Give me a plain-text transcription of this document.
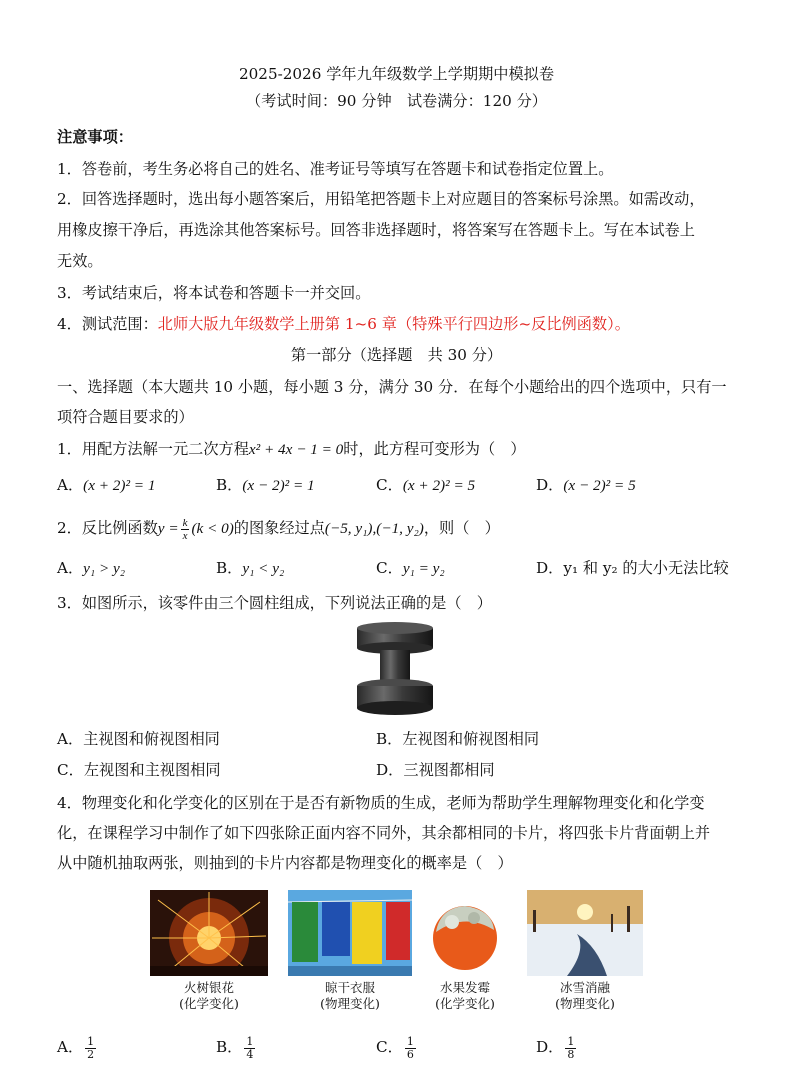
2025-2026 学年九年级数学上学期期中模拟卷
（考试时间：90 分钟　试卷满分：120 分）
注意事项：
1．答卷前，考生务必将自己的姓名、准考证号等填写在答题卡和试卷指定位置上。
2．回答选择题时，选出每小题答案后，用铅笔把答题卡上对应题目的答案标号涂黑。如需改动，
用橡皮擦干净后，再选涂其他答案标号。回答非选择题时，将答案写在答题卡上。写在本试卷上
无效。
3．考试结束后，将本试卷和答题卡一并交回。
4．测试范围：北师大版九年级数学上册第 1~6 章（特殊平行四边形~反比例函数）。
第一部分（选择题　共 30 分）
一、选择题（本大题共 10 小题，每小题 3 分，满分 30 分．在每个小题给出的四个选项中，只有一
项符合题目要求的）
1．用配方法解一元二次方程x² + 4x − 1 = 0时，此方程可变形为（　）
A．(x + 2)² = 1	B．(x − 2)² = 1	C．(x + 2)² = 5	D．(x − 2)² = 5
2．反比例函数$y = \frac{k}{x} (k < 0)$的图象经过点(−5, y₁),(−1, y₂)，则（　）
A．y₁ > y₂	B．y₁ < y₂	C．y₁ = y₂	D．y₁ 和 y₂ 的大小无法比较
3．如图所示，该零件由三个圆柱组成，下列说法正确的是（　）
A．主视图和俯视图相同	B．左视图和俯视图相同
C．左视图和主视图相同	D．三视图都相同
4．物理变化和化学变化的区别在于是否有新物质的生成，老师为帮助学生理解物理变化和化学变
化，在课程学习中制作了如下四张除正面内容不同外，其余都相同的卡片，将四张卡片背面朝上并
从中随机抽取两张，则抽到的卡片内容都是物理变化的概率是（　）
火树银花
(化学变化)
晾干衣服
(物理变化)
水果发霉
(化学变化)
冰雪消融
(物理变化)
A． $\frac{1}{2}$	B． $\frac{1}{4}$	C． $\frac{1}{6}$	D． $\frac{1}{8}$
